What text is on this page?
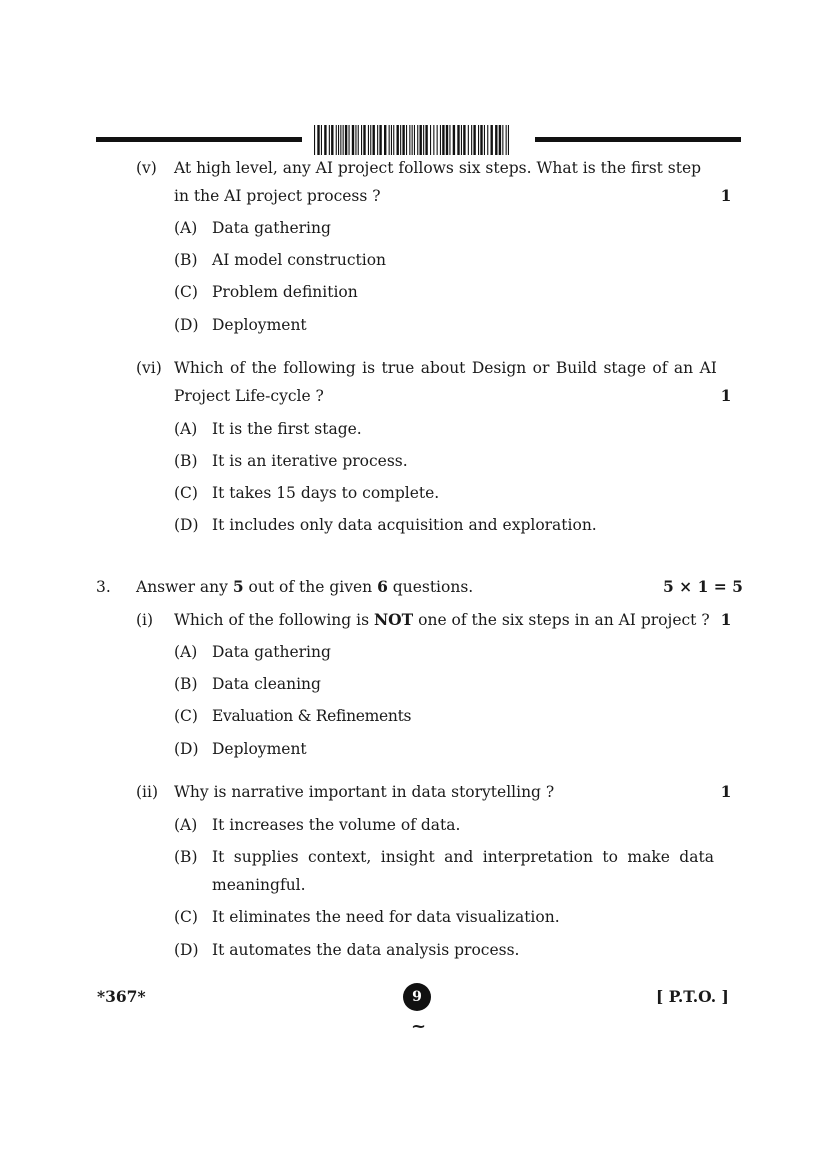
(v) At high level, any AI project follows six steps. What is the first step
in the AI project process ?	1
(A) Data gathering
(B) AI model construction
(C) Problem definition
(D) Deployment
(vi) Which of the following is true about Design or Build stage of an AI
Project Life-cycle ?	1
(A) It is the first stage.
(B) It is an iterative process.
(C) It takes 15 days to complete.
(D) It includes only data acquisition and exploration.
3. Answer any 5 out of the given 6 questions.	5 × 1 = 5
(i) Which of the following is NOT one of the six steps in an AI project ? 1
(A) Data gathering
(B) Data cleaning
(C) Evaluation & Refinements
(D) Deployment
(ii) Why is narrative important in data storytelling ?	1
(A) It increases the volume of data.
(B) It supplies context, insight and interpretation to make data
meaningful.
(C) It eliminates the need for data visualization.
(D) It automates the data analysis process.
*367*	9
~
[ P.T.O. ]
